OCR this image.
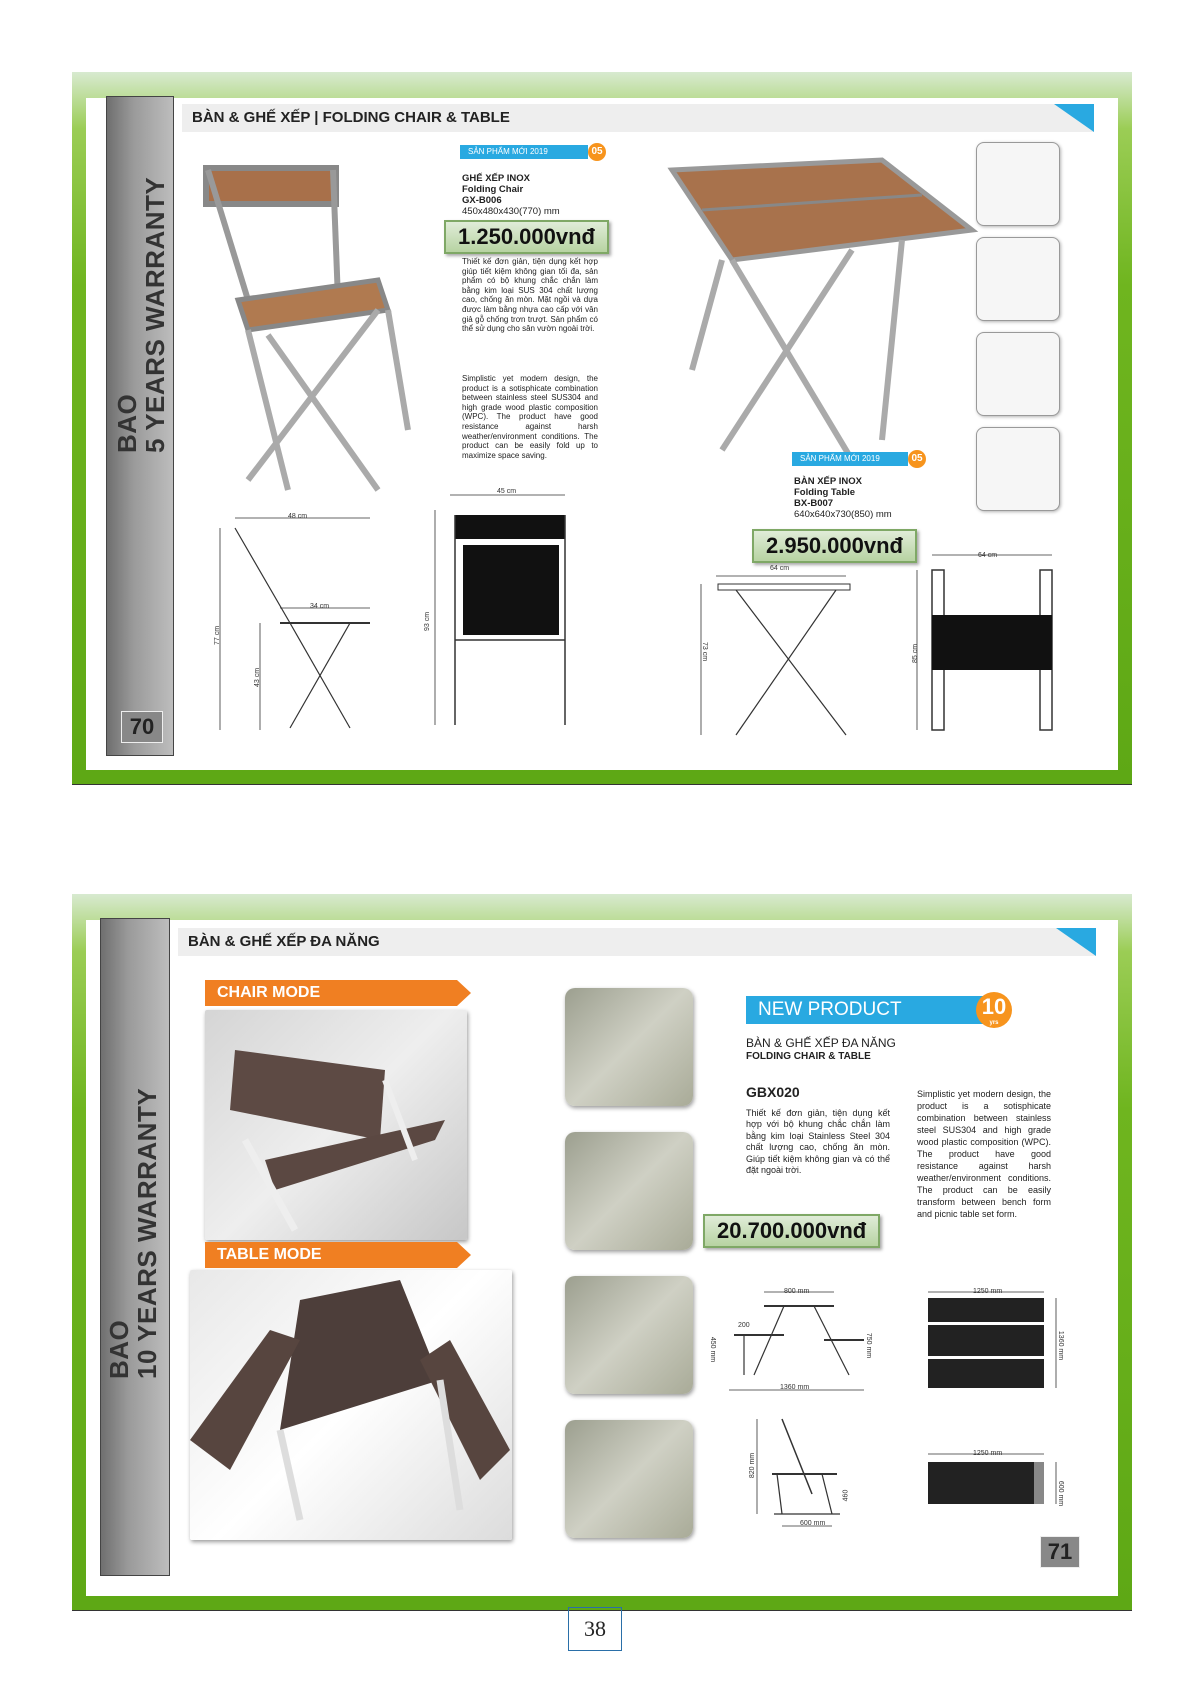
BAO
5 YEARS WARRANTY
70
BÀN & GHẾ XẾP | FOLDING CHAIR & TABLE
SẢN PHẨM MỚI 2019	05
GHẾ XẾP INOX
Folding Chair
GX-B006
450x480x430(770) mm
1.250.000vnđ
Thiết kế đơn giản, tiện dụng kết hợp giúp tiết kiệm không gian tối đa, sản phẩm có bộ khung chắc chắn làm bằng kim loại SUS 304 chất lượng cao, chống ăn mòn. Mặt ngồi và dựa được làm bằng nhựa cao cấp với vân giả gỗ chống trơn trượt. Sản phẩm có thể sử dụng cho sân vườn ngoài trời.
Simplistic yet modern design, the product is a sotisphicate combination between stainless steel SUS304 and high grade wood plastic composition (WPC). The product have good resistance against harsh weather/environment conditions. The product can be easily fold up to maximize space saving.
48 cm
34 cm
77 cm
43 cm
45 cm
93 cm
SẢN PHẨM MỚI 2019	05
BÀN XẾP INOX
Folding Table
BX-B007
640x640x730(850) mm
2.950.000vnđ
64 cm
73 cm
64 cm
85 cm
BAO
10 YEARS WARRANTY
BÀN & GHẾ XẾP ĐA NĂNG
CHAIR MODE
TABLE MODE
NEW PRODUCT	10
yrs
BÀN & GHẾ XẾP ĐA NĂNG
FOLDING CHAIR & TABLE
GBX020
Thiết kế đơn giản, tiện dụng kết hợp với bộ khung chắc chắn làm bằng kim loại Stainless Steel 304 chất lượng cao, chống ăn mòn. Giúp tiết kiệm không gian và có thể đặt ngoài trời.
Simplistic yet modern design, the product is a sotisphicate combination between stainless steel SUS304 and high grade wood plastic composition (WPC). The product have good resistance against harsh weather/environment conditions. The product can be easily transform between bench form and picnic table set form.
20.700.000vnđ
800 mm
200
450 mm	750 mm
1360 mm
1250 mm
1360 mm
820 mm
460
600 mm
1250 mm
600 mm
71
38
